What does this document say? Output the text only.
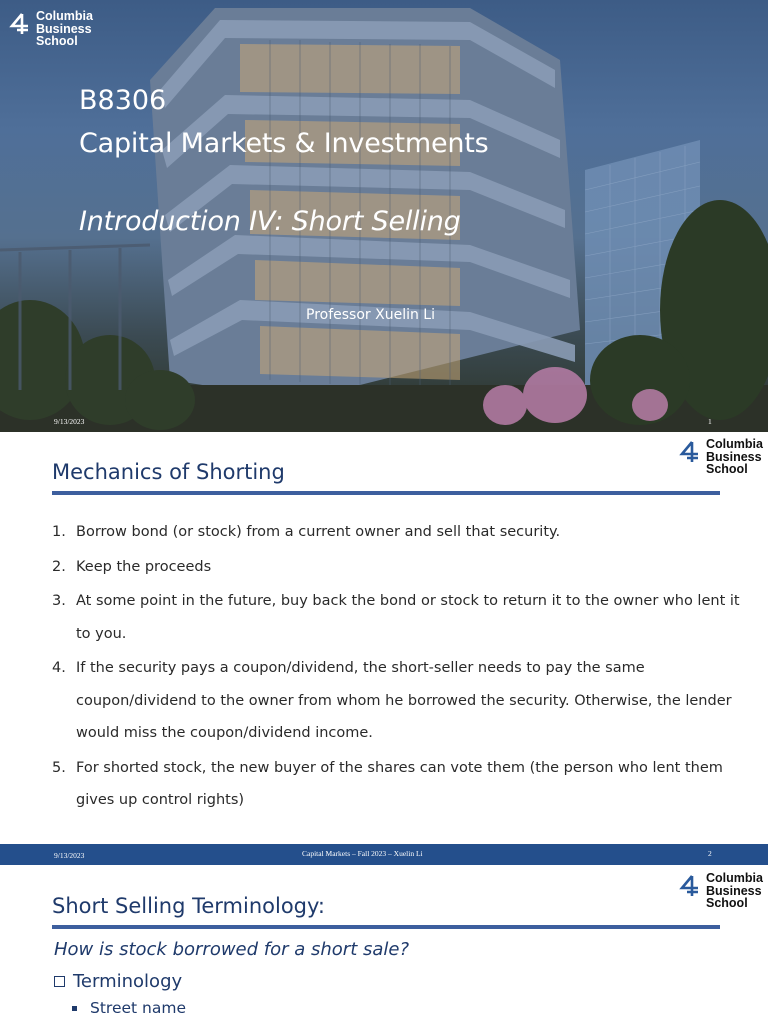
Columbia
Business
School
B8306
Capital Markets & Investments
Introduction IV: Short Selling
Professor Xuelin Li
9/13/2023	1
Columbia
Business
School
Mechanics of Shorting
1. Borrow bond (or stock) from a current owner and sell that security.
2. Keep the proceeds
3. At some point in the future, buy back the bond or stock to return it to the owner who lent it to you.
4. If the security pays a coupon/dividend, the short-seller needs to pay the same coupon/dividend to the owner from whom he borrowed the security. Otherwise, the lender would miss the coupon/dividend income.
5. For shorted stock, the new buyer of the shares can vote them (the person who lent them gives up control rights)
9/13/2023	Capital Markets – Fall 2023 – Xuelin Li	2
Columbia
Business
School
Short Selling Terminology:
How is stock borrowed for a short sale?
Terminology
Street name
